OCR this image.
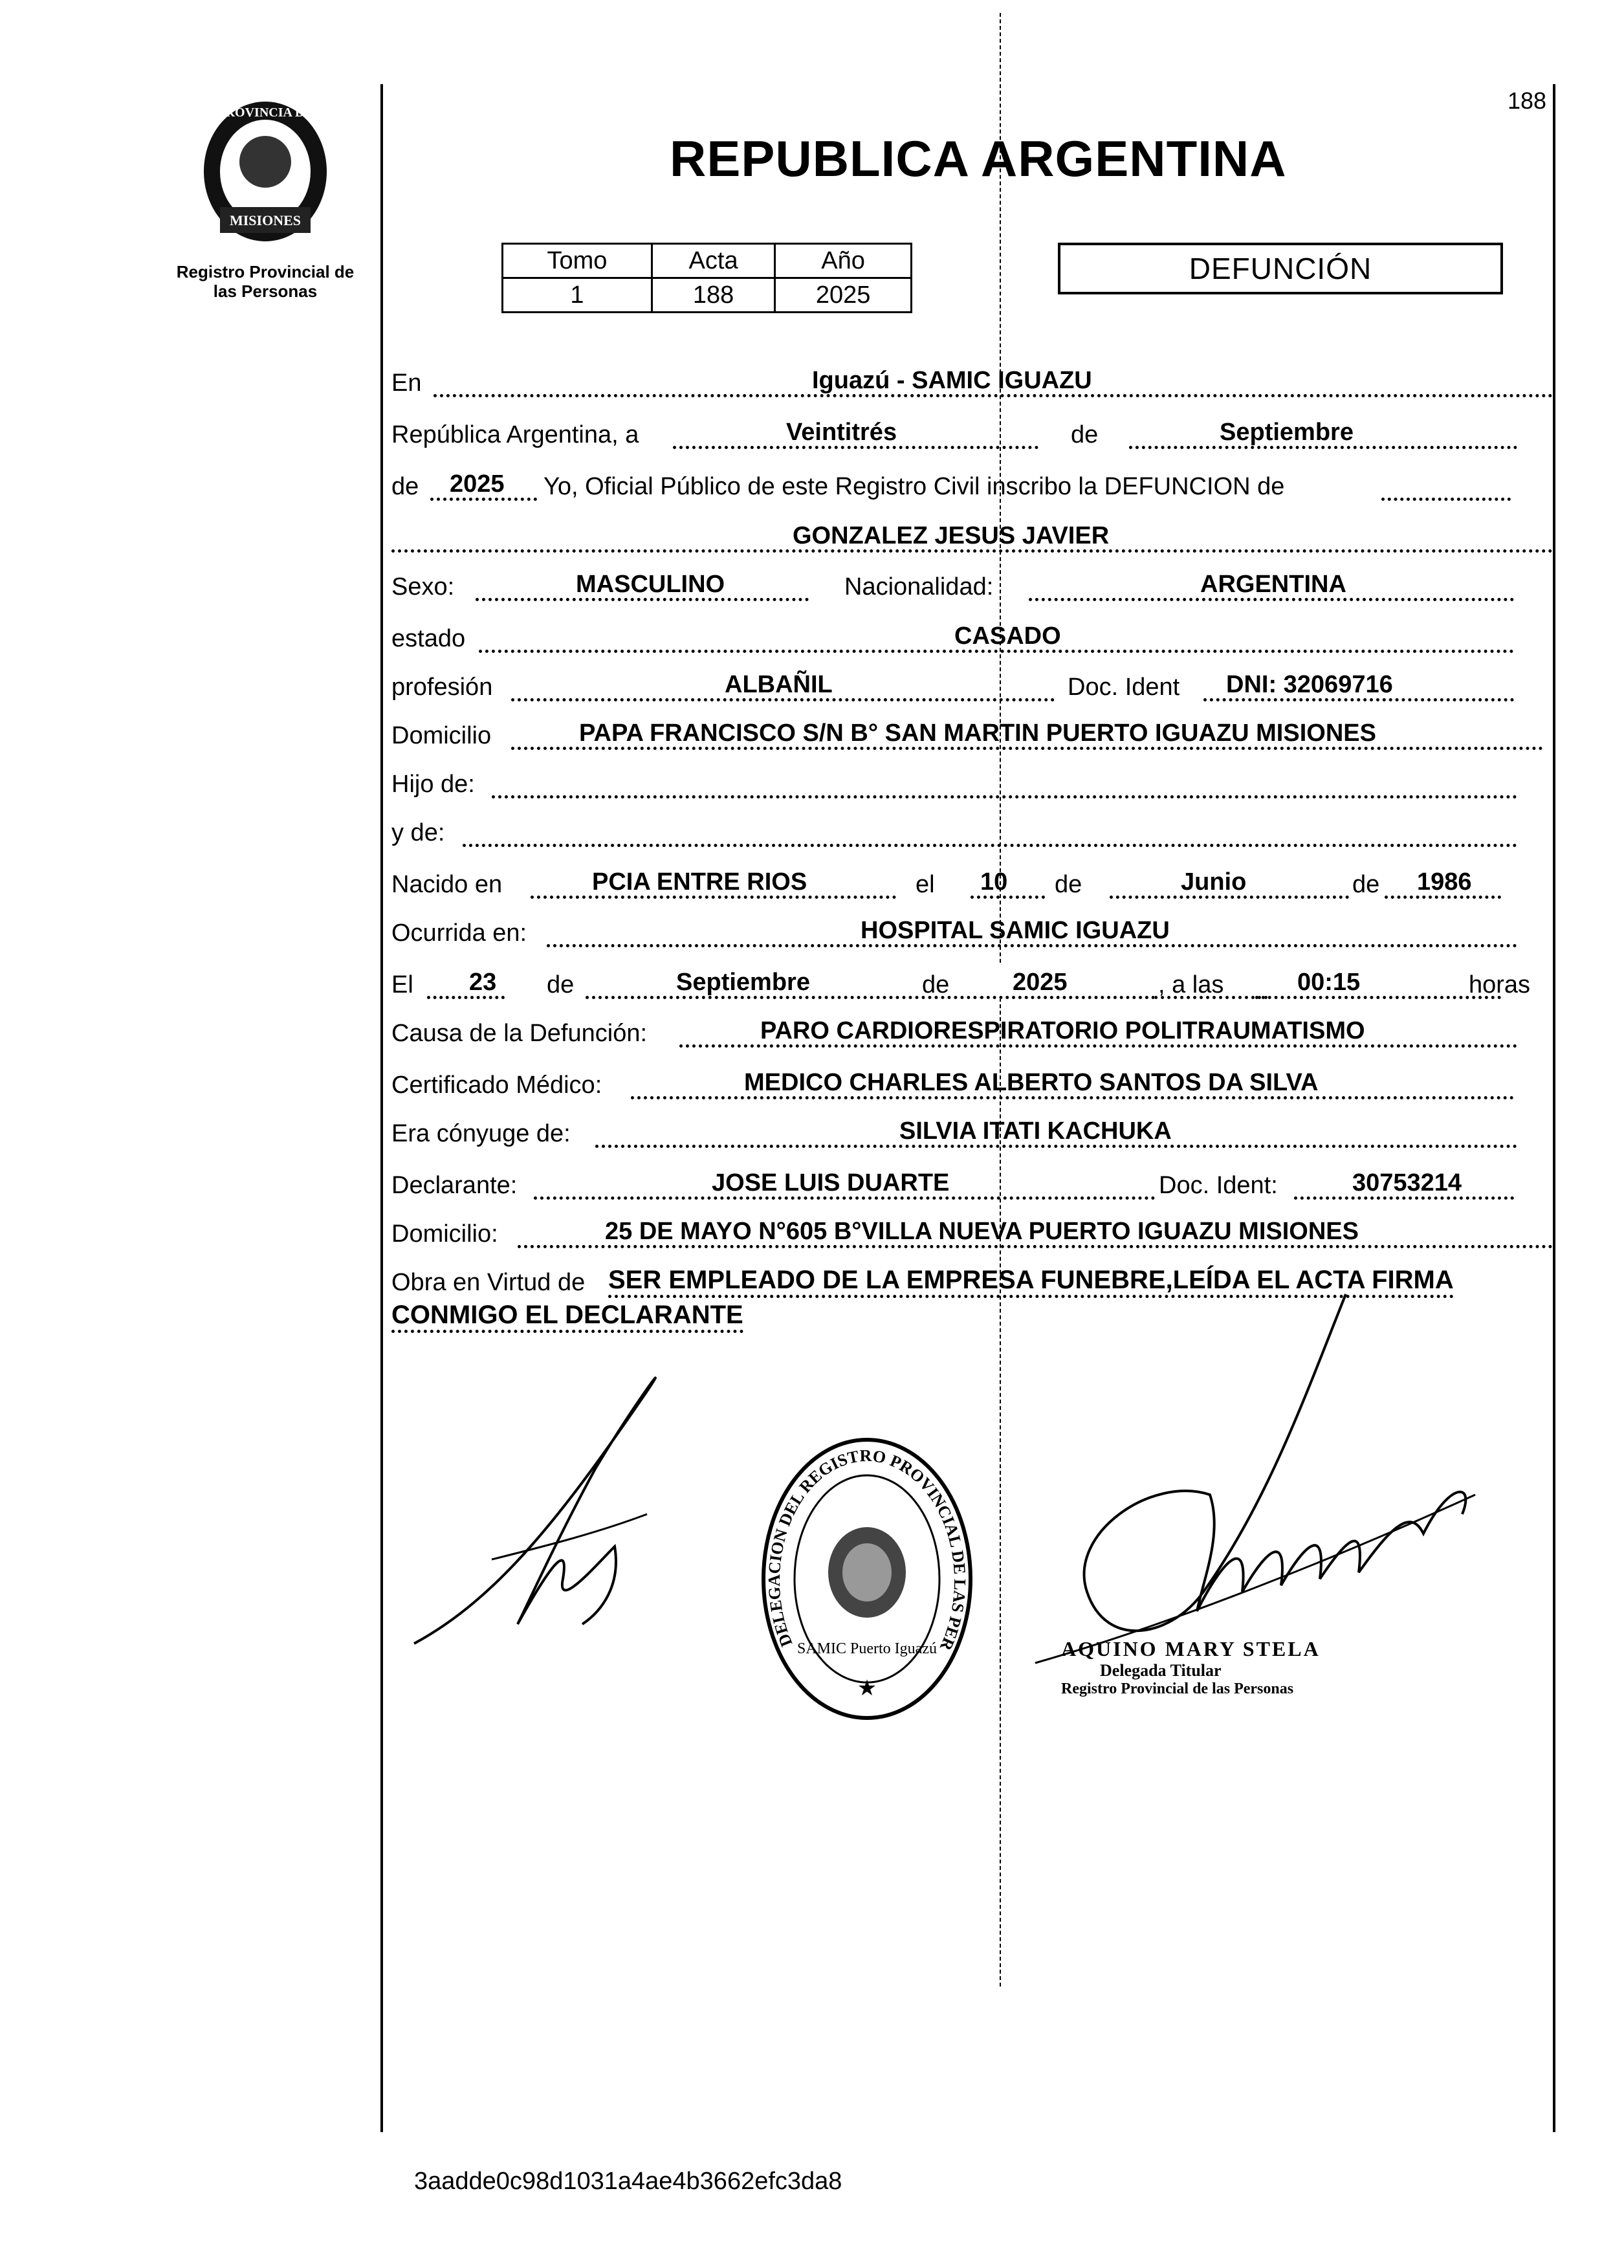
188
PROVINCIA DE
MISIONES
Registro Provincial de
las Personas
REPUBLICA ARGENTINA
Tomo	Acta	Año
1	188	2025
DEFUNCIÓN
En	Iguazú - SAMIC IGUAZU
República Argentina, a	Veintitrés	de	Septiembre
de 2025 Yo, Oficial Público de este Registro Civil inscribo la DEFUNCION de
GONZALEZ JESUS JAVIER
Sexo:	MASCULINO	Nacionalidad:	ARGENTINA
estado	CASADO
profesión	ALBAÑIL	Doc. Ident DNI: 32069716
Domicilio	PAPA FRANCISCO S/N B° SAN MARTIN PUERTO IGUAZU MISIONES
Hijo de:
y de:
Nacido en	PCIA ENTRE RIOS	el 10 de	Junio	de 1986
Ocurrida en:	HOSPITAL SAMIC IGUAZU
El 23 de	Septiembre	de	2025	, a las	00:15	horas
Causa de la Defunción:	PARO CARDIORESPIRATORIO POLITRAUMATISMO
Certificado Médico:	MEDICO CHARLES ALBERTO SANTOS DA SILVA
Era cónyuge de:	SILVIA ITATI KACHUKA
Declarante:	JOSE LUIS DUARTE	Doc. Ident:	30753214
Domicilio:	25 DE MAYO N°605 B°VILLA NUEVA PUERTO IGUAZU MISIONES
Obra en Virtud de SER EMPLEADO DE LA EMPRESA FUNEBRE,LEÍDA EL ACTA FIRMA
CONMIGO EL DECLARANTE
DELEGACION DEL REGISTRO PROVINCIAL DE LAS PER
SAMIC Puerto Iguazú
★
AQUINO MARY STELA
Delegada Titular
Registro Provincial de las Personas
3aadde0c98d1031a4ae4b3662efc3da8
